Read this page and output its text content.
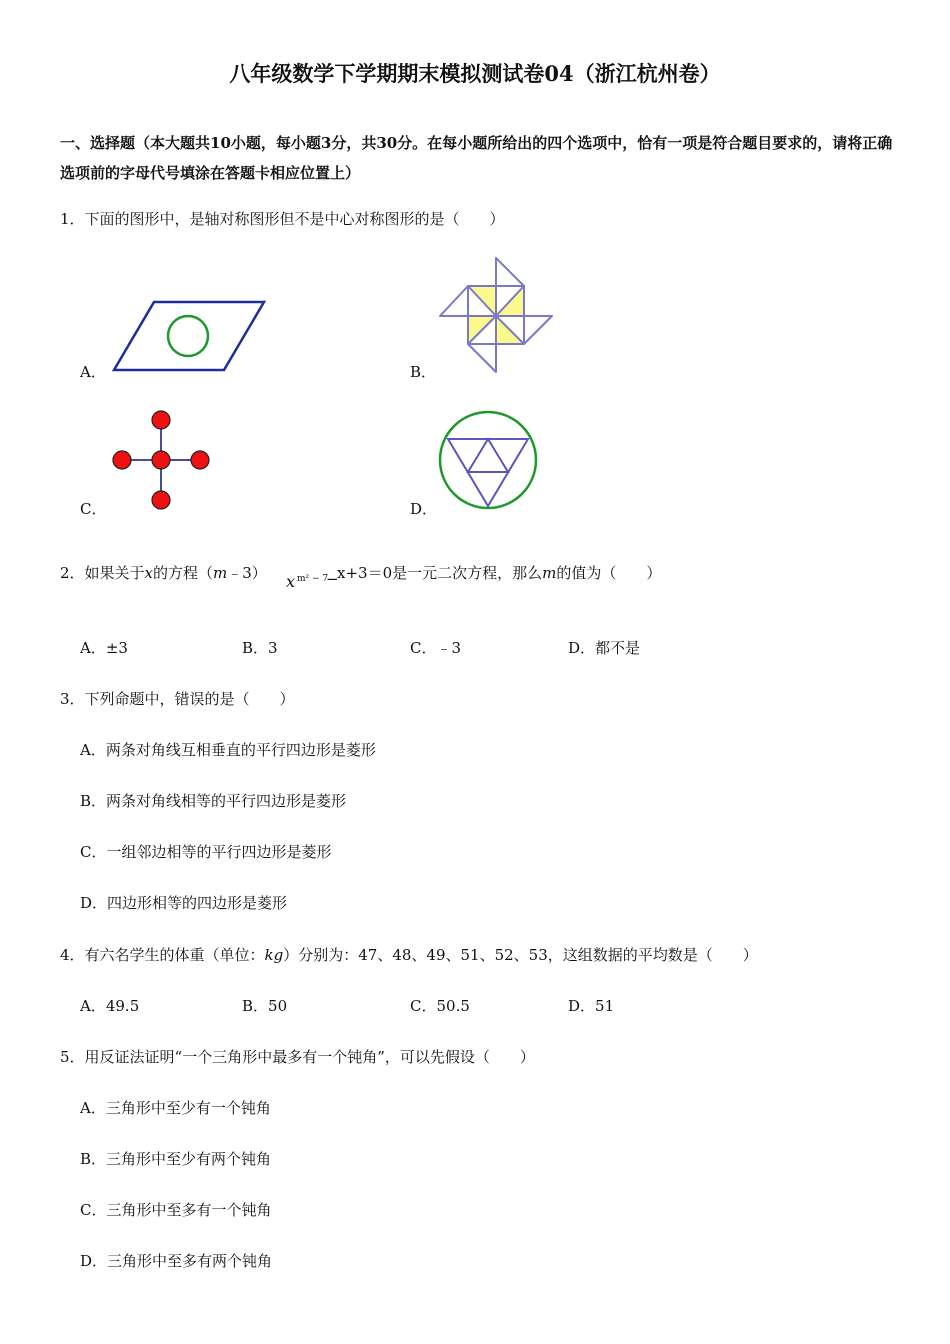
八年级数学下学期期末模拟测试卷04（浙江杭州卷）
一、选择题（本大题共10小题，每小题3分，共30分。在每小题所给出的四个选项中，恰有一项是符合题目要求的，请将正确选项前的字母代号填涂在答题卡相应位置上）
1．下面的图形中，是轴对称图形但不是中心对称图形的是（　　）
A．	B．
C．	D．
2．如果关于x的方程（m﹣3） x m² − 7
−
x+3＝0是一元二次方程，那么m的值为（　　）
A．±3	B．3	C．﹣3	D．都不是
3．下列命题中，错误的是（　　）
A．两条对角线互相垂直的平行四边形是菱形
B．两条对角线相等的平行四边形是菱形
C．一组邻边相等的平行四边形是菱形
D．四边形相等的四边形是菱形
4．有六名学生的体重（单位：kg）分别为：47、48、49、51、52、53，这组数据的平均数是（　　）
A．49.5	B．50	C．50.5	D．51
5．用反证法证明“一个三角形中最多有一个钝角”，可以先假设（　　）
A．三角形中至少有一个钝角
B．三角形中至少有两个钝角
C．三角形中至多有一个钝角
D．三角形中至多有两个钝角
